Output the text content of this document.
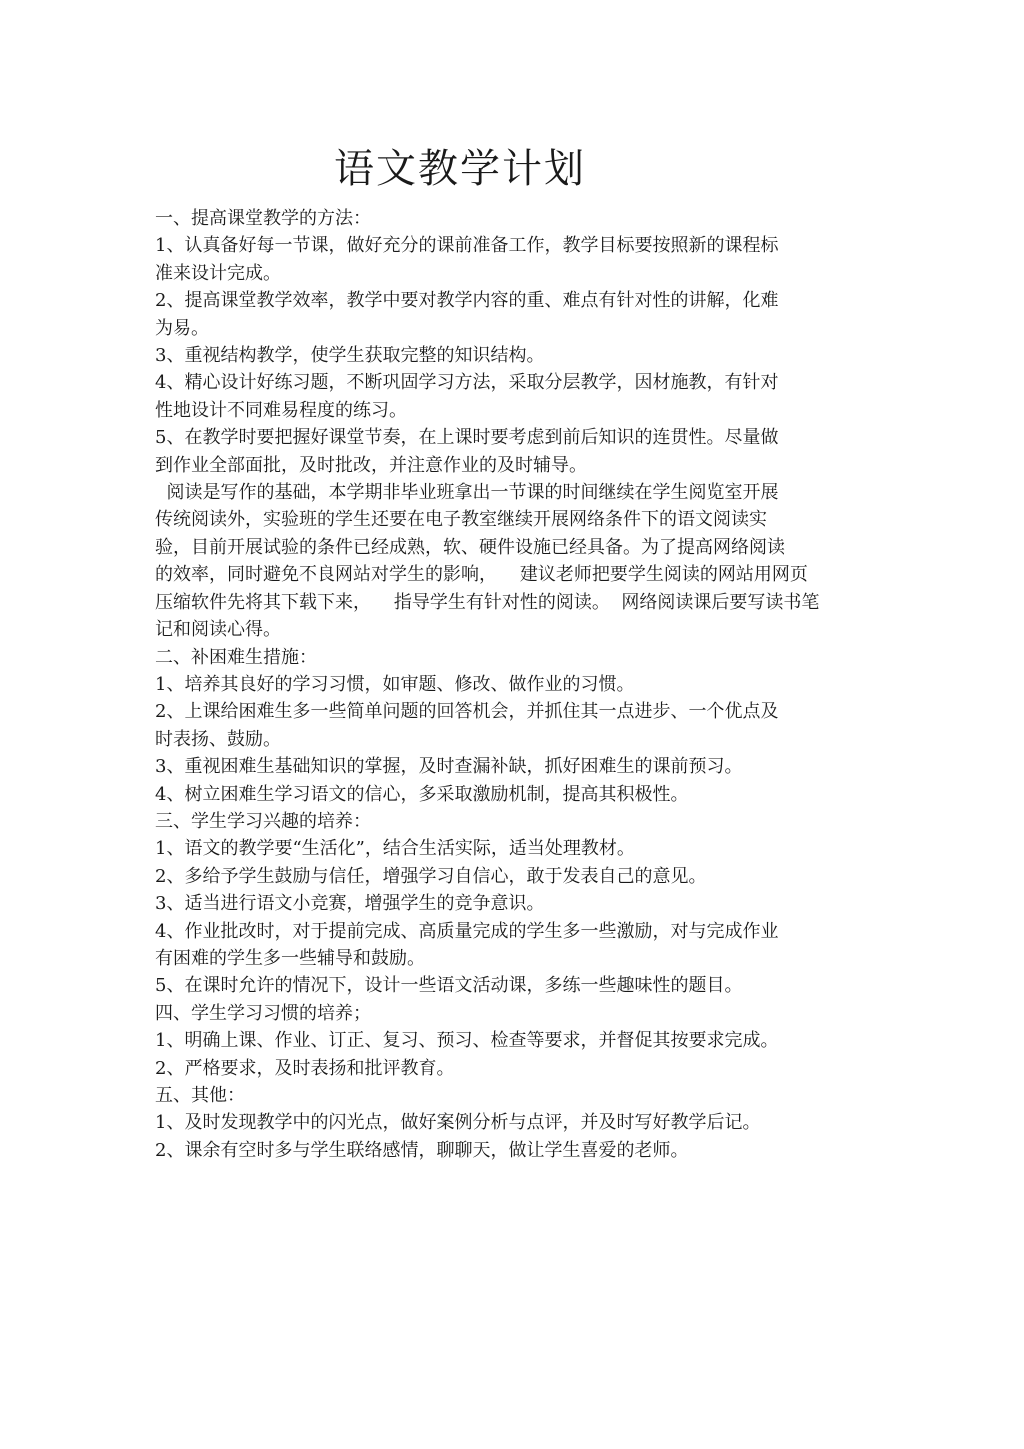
语文教学计划

一、提高课堂教学的方法：

1、认真备好每一节课，做好充分的课前准备工作，教学目标要按照新的课程标

准来设计完成。

2、提高课堂教学效率，教学中要对教学内容的重、难点有针对性的讲解，化难

为易。

3、重视结构教学，使学生获取完整的知识结构。

4、精心设计好练习题，不断巩固学习方法，采取分层教学，因材施教，有针对

性地设计不同难易程度的练习。

5、在教学时要把握好课堂节奏，在上课时要考虑到前后知识的连贯性。尽量做

到作业全部面批，及时批改，并注意作业的及时辅导。

阅读是写作的基础，本学期非毕业班拿出一节课的时间继续在学生阅览室开展

传统阅读外，实验班的学生还要在电子教室继续开展网络条件下的语文阅读实

验，目前开展试验的条件已经成熟，软、硬件设施已经具备。为了提高网络阅读

的效率，同时避免不良网站对学生的影响，    建议老师把要学生阅读的网站用网页

压缩软件先将其下载下来，    指导学生有针对性的阅读。  网络阅读课后要写读书笔

记和阅读心得。

二、补困难生措施：

1、培养其良好的学习习惯，如审题、修改、做作业的习惯。

2、上课给困难生多一些简单问题的回答机会，并抓住其一点进步、一个优点及

时表扬、鼓励。

3、重视困难生基础知识的掌握，及时查漏补缺，抓好困难生的课前预习。

4、树立困难生学习语文的信心，多采取激励机制，提高其积极性。

三、学生学习兴趣的培养：

1、语文的教学要“生活化”，结合生活实际，适当处理教材。

2、多给予学生鼓励与信任，增强学习自信心，敢于发表自己的意见。

3、适当进行语文小竞赛，增强学生的竞争意识。

4、作业批改时，对于提前完成、高质量完成的学生多一些激励，对与完成作业

有困难的学生多一些辅导和鼓励。

5、在课时允许的情况下，设计一些语文活动课，多练一些趣味性的题目。

四、学生学习习惯的培养；

1、明确上课、作业、订正、复习、预习、检查等要求，并督促其按要求完成。

2、严格要求，及时表扬和批评教育。

五、其他：

1、及时发现教学中的闪光点，做好案例分析与点评，并及时写好教学后记。

2、课余有空时多与学生联络感情，聊聊天，做让学生喜爱的老师。
